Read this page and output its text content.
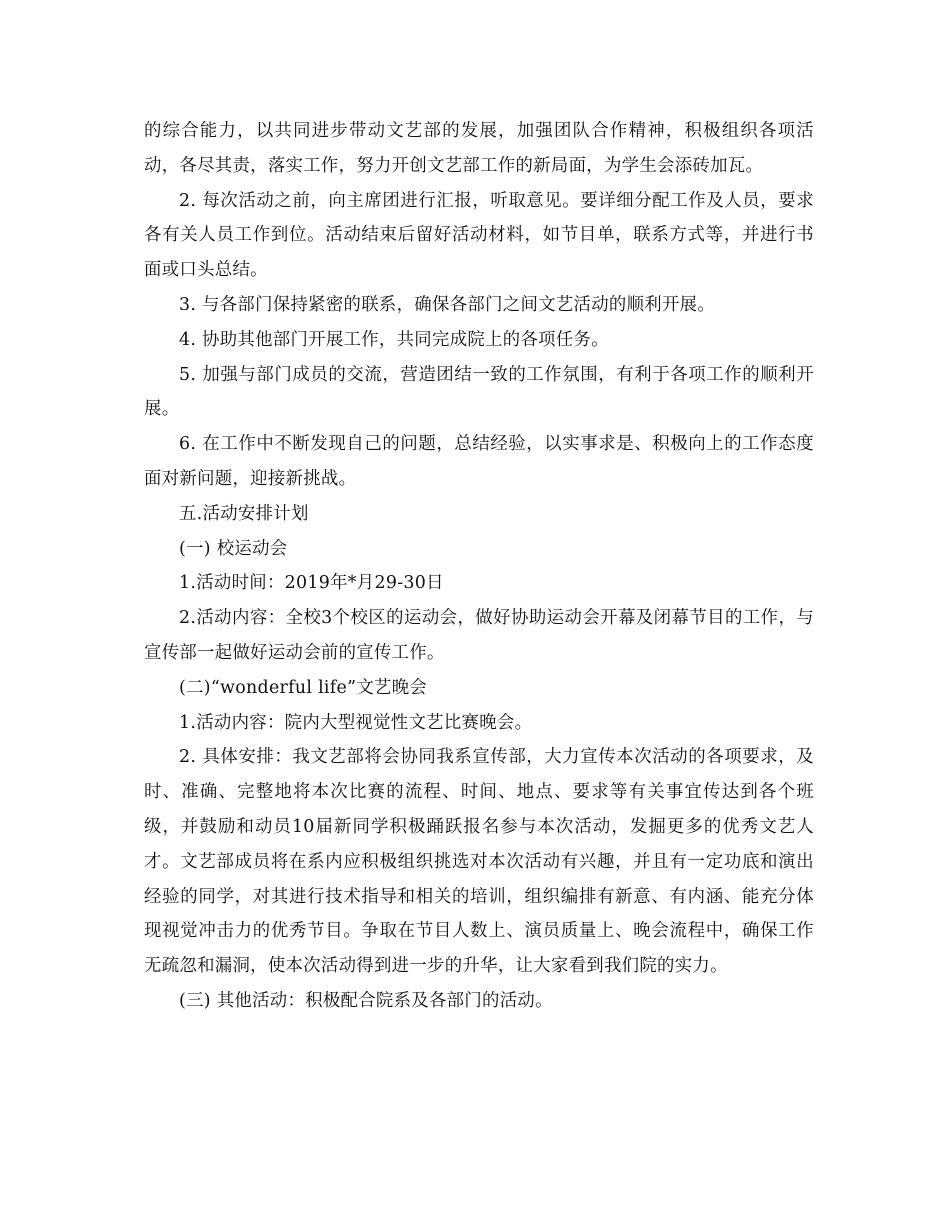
的综合能力，以共同进步带动文艺部的发展，加强团队合作精神，积极组织各项活动，各尽其责，落实工作，努力开创文艺部工作的新局面，为学生会添砖加瓦。

2. 每次活动之前，向主席团进行汇报，听取意见。要详细分配工作及人员，要求各有关人员工作到位。活动结束后留好活动材料，如节目单，联系方式等，并进行书面或口头总结。

3. 与各部门保持紧密的联系，确保各部门之间文艺活动的顺利开展。

4. 协助其他部门开展工作，共同完成院上的各项任务。

5. 加强与部门成员的交流，营造团结一致的工作氛围，有利于各项工作的顺利开展。

6. 在工作中不断发现自己的问题，总结经验，以实事求是、积极向上的工作态度面对新问题，迎接新挑战。

五.活动安排计划

(一) 校运动会

1.活动时间：2019年*月29-30日

2.活动内容：全校3个校区的运动会，做好协助运动会开幕及闭幕节目的工作，与宣传部一起做好运动会前的宣传工作。

(二)“wonderful life”文艺晚会

1.活动内容：院内大型视觉性文艺比赛晚会。

2. 具体安排：我文艺部将会协同我系宣传部，大力宣传本次活动的各项要求，及时、准确、完整地将本次比赛的流程、时间、地点、要求等有关事宜传达到各个班级，并鼓励和动员10届新同学积极踊跃报名参与本次活动，发掘更多的优秀文艺人才。文艺部成员将在系内应积极组织挑选对本次活动有兴趣，并且有一定功底和演出经验的同学，对其进行技术指导和相关的培训，组织编排有新意、有内涵、能充分体现视觉冲击力的优秀节目。争取在节目人数上、演员质量上、晚会流程中，确保工作无疏忽和漏洞，使本次活动得到进一步的升华，让大家看到我们院的实力。

(三) 其他活动：积极配合院系及各部门的活动。
